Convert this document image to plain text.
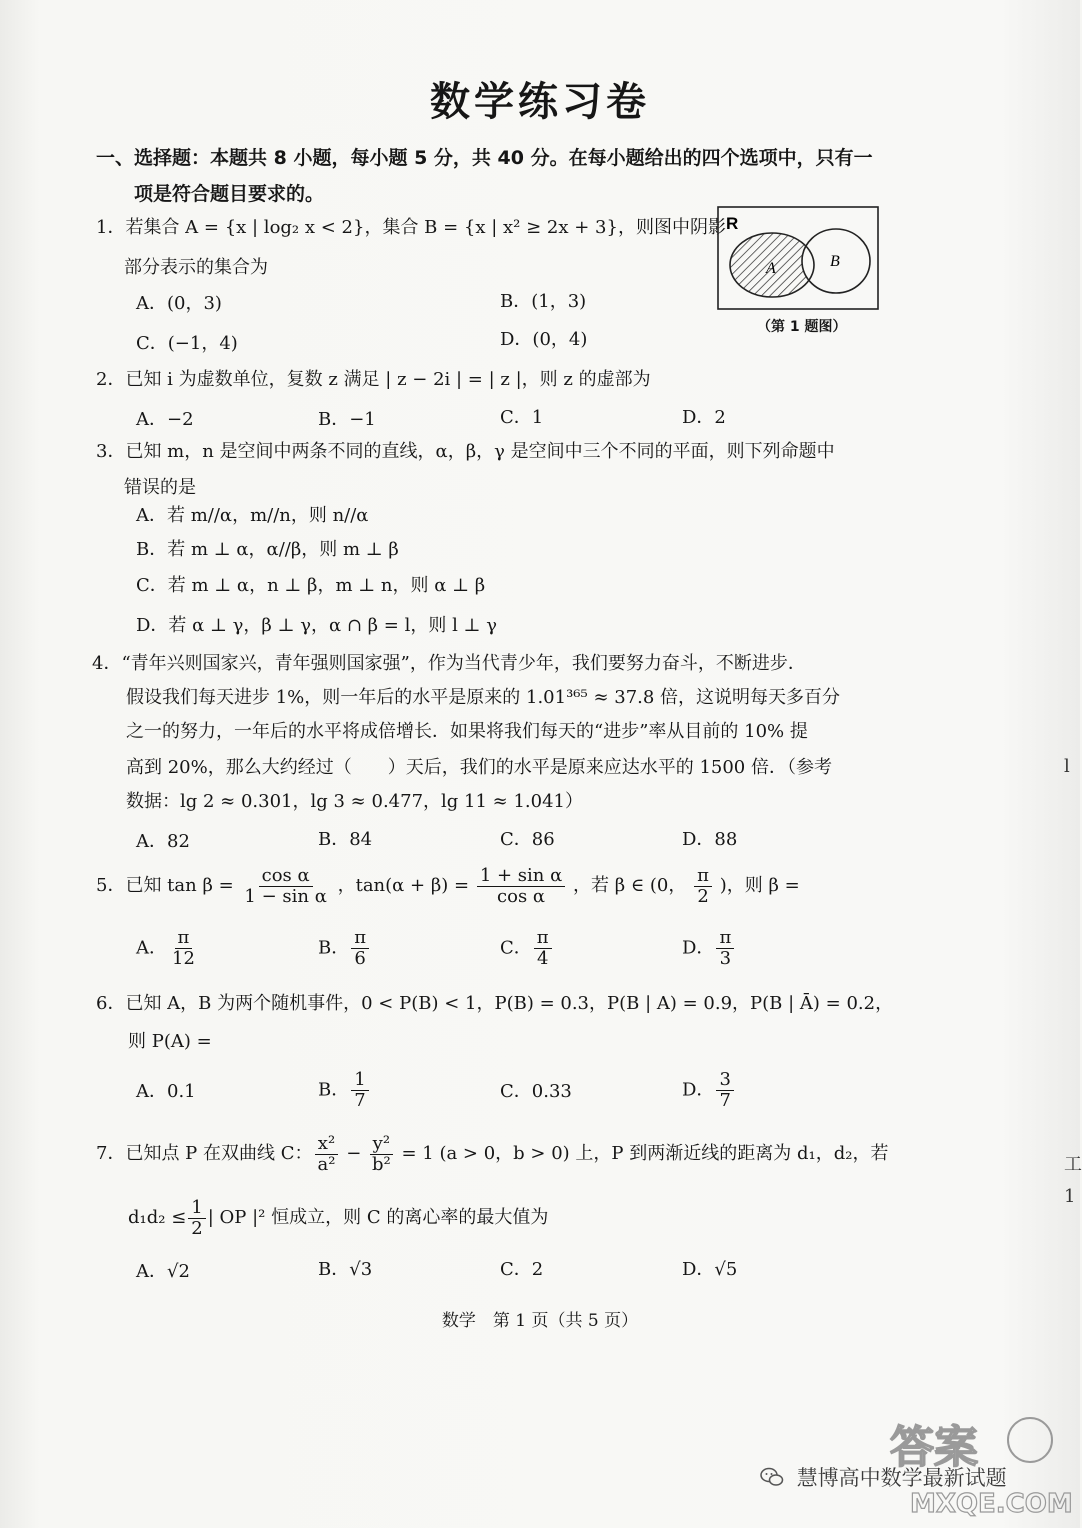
数学练习卷
一、选择题：本题共 8 小题，每小题 5 分，共 40 分。在每小题给出的四个选项中，只有一
项是符合题目要求的。
1．若集合 A = {x | log₂ x < 2}，集合 B = {x | x² ≥ 2x + 3}，则图中阴影
部分表示的集合为
A．(0，3)	B．(1，3)
C．(−1，4)	D．(0，4)
R
A	B
（第 1 题图）
2．已知 i 为虚数单位，复数 z 满足 | z − 2i | = | z |，则 z 的虚部为
A．−2	B．−1	C．1	D．2
3．已知 m，n 是空间中两条不同的直线，α，β，γ 是空间中三个不同的平面，则下列命题中
错误的是
A．若 m//α，m//n，则 n//α
B．若 m ⊥ α，α//β，则 m ⊥ β
C．若 m ⊥ α，n ⊥ β，m ⊥ n，则 α ⊥ β
D．若 α ⊥ γ，β ⊥ γ，α ∩ β = l，则 l ⊥ γ
4．“青年兴则国家兴，青年强则国家强”，作为当代青少年，我们要努力奋斗，不断进步．
假设我们每天进步 1%，则一年后的水平是原来的 1.01³⁶⁵ ≈ 37.8 倍，这说明每天多百分
之一的努力，一年后的水平将成倍增长．如果将我们每天的“进步”率从目前的 10% 提
高到 20%，那么大约经过（　　）天后，我们的水平是原来应达水平的 1500 倍．（参考
数据：lg 2 ≈ 0.301，lg 3 ≈ 0.477，lg 11 ≈ 1.041）
A．82	B．84	C．86	D．88
5．已知 $\tan \beta = \frac{\text{cos α}}{\text{1 − sin α}}$ ，$\tan(\alpha + \beta) = \frac{\text{1 + sin α}}{\text{cos α}}$ ，若 β ∈ (0， $\frac{\pi}{2}$ )，则 β =
A． $\frac{\pi}{12}$	B． $\frac{\pi}{6}$	C． $\frac{\pi}{4}$	D． $\frac{\pi}{3}$
6．已知 A，B 为两个随机事件，0 < P(B) < 1，P(B) = 0.3，P(B | A) = 0.9，P(B | Ā) = 0.2，
则 P(A) =
A．0.1	B． $\frac{1}{7}$	C．0.33	D． $\frac{3}{7}$
7．已知点 P 在双曲线 C： $\frac{\text{x²}}{\text{a²}} - \frac{\text{y²}}{\text{b²}} = 1$ (a > 0，b > 0) 上，P 到两渐近线的距离为 d₁，d₂，若
$d_1d_2 \le \frac{1}{2}$ | OP |² 恒成立，则 C 的离心率的最大值为
A．√2	B．√3	C．2	D．√5
数学　第 1 页（共 5 页）
l
工
1
答案
MXQE.COM
慧博高中数学最新试题
